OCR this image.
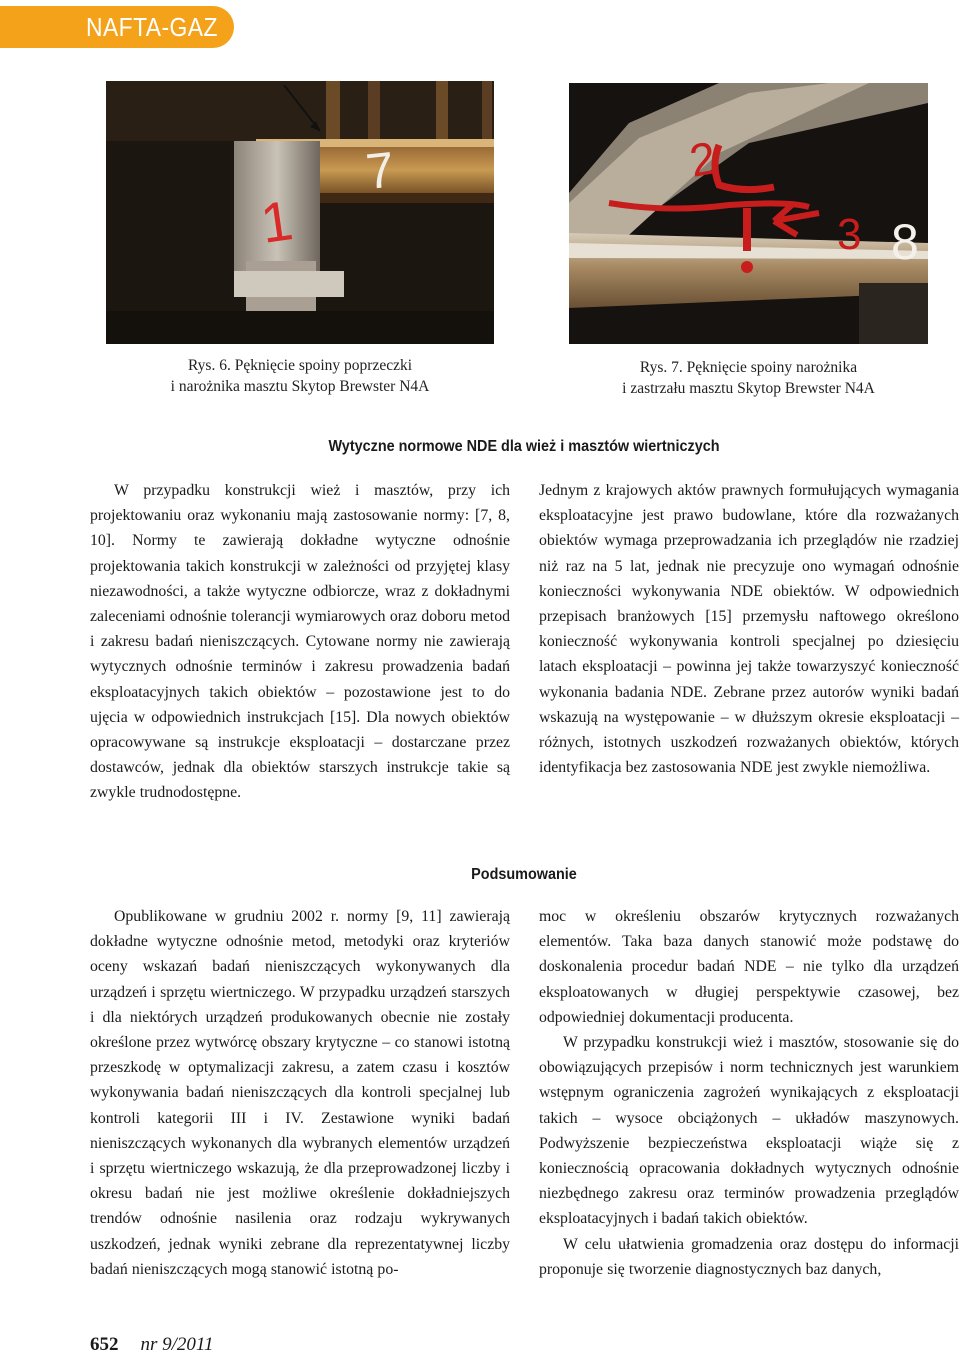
NAFTA-GAZ
1
7	2
3 8
Rys. 6. Pęknięcie spoiny poprzeczki
i narożnika masztu Skytop Brewster N4A
Rys. 7. Pęknięcie spoiny narożnika
i zastrzału masztu Skytop Brewster N4A
Wytyczne normowe NDE dla wież i masztów wiertniczych

W przypadku konstrukcji wież i masztów, przy ich projektowaniu oraz wykonaniu mają zastosowanie normy: [7, 8, 10]. Normy te zawierają dokładne wytyczne odnośnie projektowania takich konstrukcji w zależności od przyjętej klasy niezawodności, a także wytyczne odbiorcze, wraz z dokładnymi zaleceniami odnośnie tolerancji wymiarowych oraz doboru metod i zakresu badań nieniszczących. Cytowane normy nie zawierają wytycznych odnośnie terminów i zakresu prowadzenia badań eksploatacyjnych takich obiektów – pozostawione jest to do ujęcia w odpowiednich instrukcjach [15]. Dla nowych obiektów opracowywane są instrukcje eksploatacji – dostarczane przez dostawców, jednak dla obiektów starszych instrukcje takie są zwykle trudnodostępne.

Jednym z krajowych aktów prawnych formułujących wymagania eksploatacyjne jest prawo budowlane, które dla rozważanych obiektów wymaga przeprowadzania ich przeglądów nie rzadziej niż raz na 5 lat, jednak nie precyzuje ono wymagań odnośnie konieczności wykonywania NDE obiektów. W odpowiednich przepisach branżowych [15] przemysłu naftowego określono konieczność wykonywania kontroli specjalnej po dziesięciu latach eksploatacji – powinna jej także towarzyszyć konieczność wykonania badania NDE. Zebrane przez autorów wyniki badań wskazują na występowanie – w dłuższym okresie eksploatacji – różnych, istotnych uszkodzeń rozważanych obiektów, których identyfikacja bez zastosowania NDE jest zwykle niemożliwa.

Podsumowanie

Opublikowane w grudniu 2002 r. normy [9, 11] zawierają dokładne wytyczne odnośnie metod, metodyki oraz kryteriów oceny wskazań badań nieniszczących wykonywanych dla urządzeń i sprzętu wiertniczego. W przypadku urządzeń starszych i dla niektórych urządzeń produkowanych obecnie nie zostały określone przez wytwórcę obszary krytyczne – co stanowi istotną przeszkodę w optymalizacji zakresu, a zatem czasu i kosztów wykonywania badań nieniszczących dla kontroli specjalnej lub kontroli kategorii III i IV. Zestawione wyniki badań nieniszczących wykonanych dla wybranych elementów urządzeń i sprzętu wiertniczego wskazują, że dla przeprowadzonej liczby i okresu badań nie jest możliwe określenie dokładniejszych trendów odnośnie nasilenia oraz rodzaju wykrywanych uszkodzeń, jednak wyniki zebrane dla reprezentatywnej liczby badań nieniszczących mogą stanowić istotną po-

moc w określeniu obszarów krytycznych rozważanych elementów. Taka baza danych stanowić może podstawę do doskonalenia procedur badań NDE – nie tylko dla urządzeń eksploatowanych w długiej perspektywie czasowej, bez odpowiedniej dokumentacji producenta.

W przypadku konstrukcji wież i masztów, stosowanie się do obowiązujących przepisów i norm technicznych jest warunkiem wstępnym ograniczenia zagrożeń wynikających z eksploatacji takich – wysoce obciążonych – układów maszynowych. Podwyższenie bezpieczeństwa eksploatacji wiąże się z koniecznością opracowania dokładnych wytycznych odnośnie niezbędnego zakresu oraz terminów prowadzenia przeglądów eksploatacyjnych i badań takich obiektów.

W celu ułatwienia gromadzenia oraz dostępu do informacji proponuje się tworzenie diagnostycznych baz danych,

652 nr 9/2011
